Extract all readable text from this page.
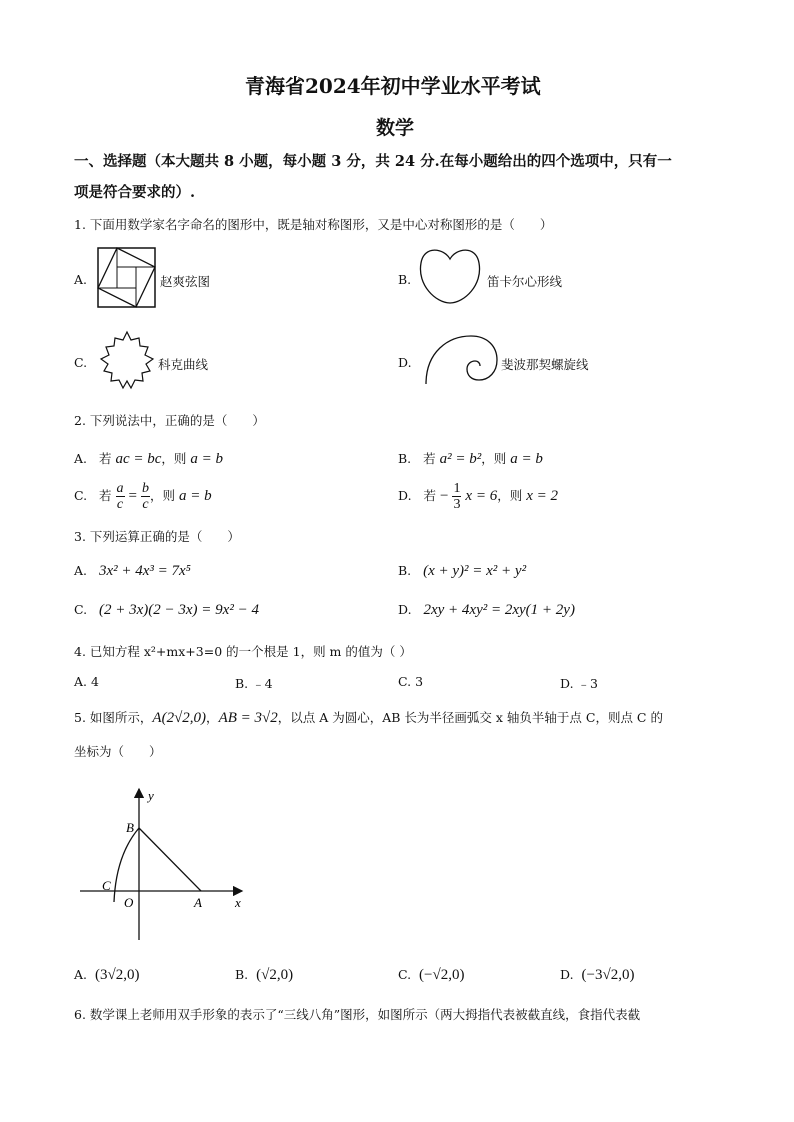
青海省2024年初中学业水平考试
数学
一、选择题（本大题共 8 小题，每小题 3 分，共 24 分.在每小题给出的四个选项中，只有一
项是符合要求的）.
1. 下面用数学家名字命名的图形中，既是轴对称图形，又是中心对称图形的是（　　）
A.	赵爽弦图	B.	笛卡尔心形线
C.	科克曲线	D.	斐波那契螺旋线
2. 下列说法中，正确的是（　　）
A. 若 ac = bc，则 a = b	B. 若 a² = b²，则 a = b
C. 若 $\frac{a}{c} = \frac{b}{c}$ ，则 a = b	D. 若 − $\frac{1}{3}$ x = 6，则 x = 2
3. 下列运算正确的是（　　）
A. 3x² + 4x³ = 7x⁵	B. (x + y)² = x² + y²
C. (2 + 3x)(2 − 3x) = 9x² − 4	D. 2xy + 4xy² = 2xy(1 + 2y)
4. 已知方程 x²+mx+3=0 的一个根是 1，则 m 的值为（ ）
A. 4	B. ﹣4	C. 3	D. ﹣3
5. 如图所示，A(2√2,0)，AB = 3√2，以点 A 为圆心，AB 长为半径画弧交 x 轴负半轴于点 C，则点 C 的
坐标为（　　）
y
x
B
C
O	A
A. (3√2,0)	B. (√2,0)	C. (−√2,0)	D. (−3√2,0)
6. 数学课上老师用双手形象的表示了“三线八角”图形，如图所示（两大拇指代表被截直线，食指代表截
